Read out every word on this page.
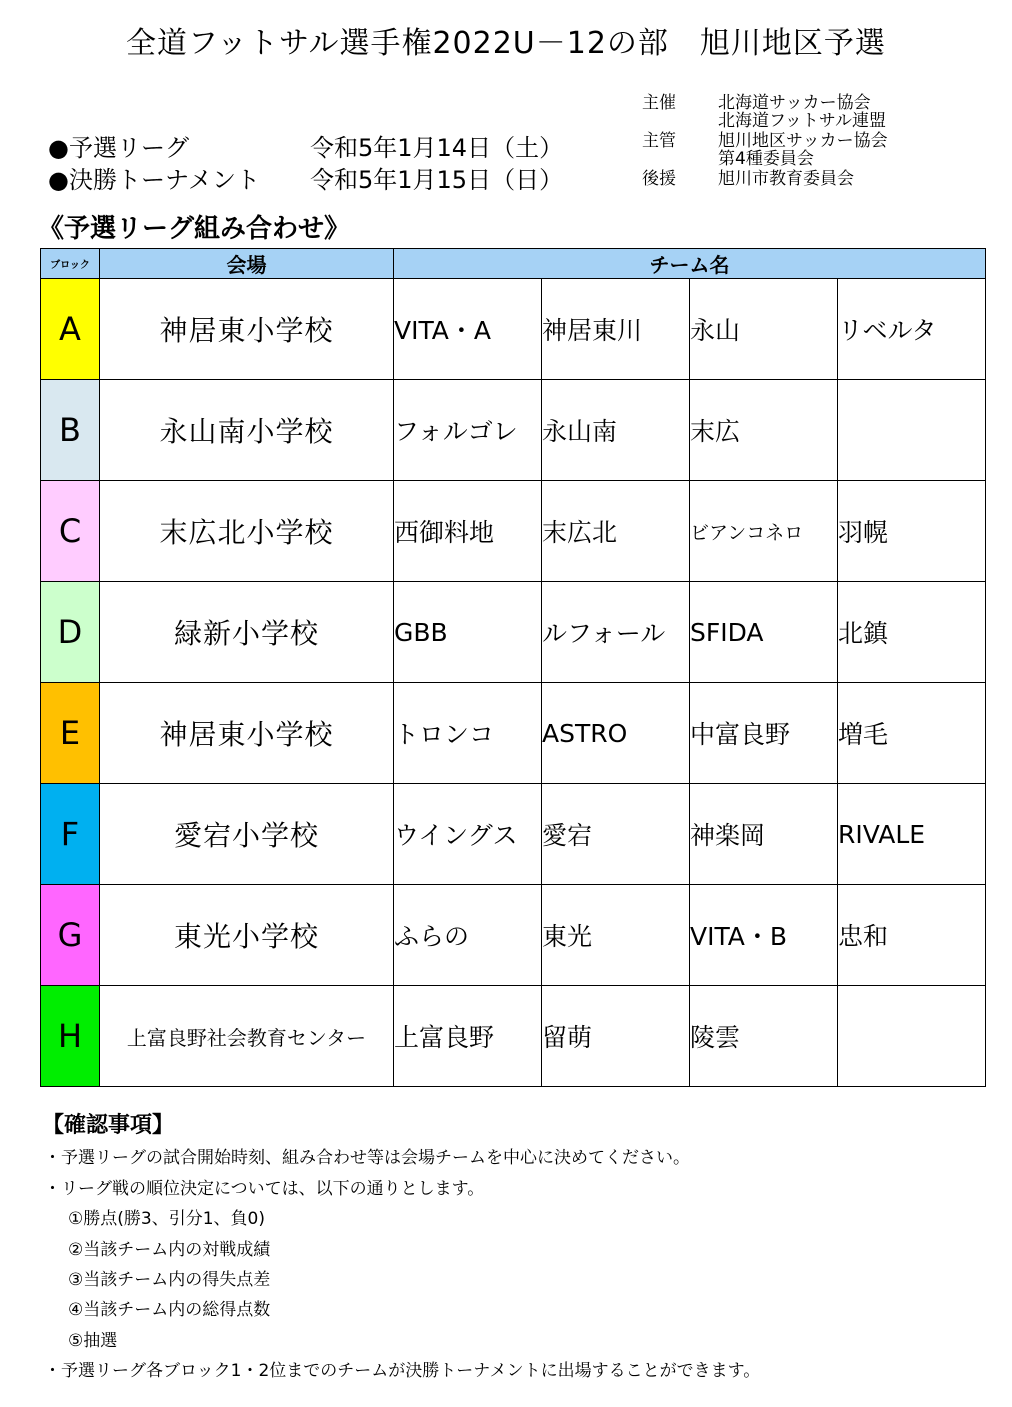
全道フットサル選手権2022U－12の部　旭川地区予選
●予選リーグ	令和5年1月14日（土）
●決勝トーナメント 令和5年1月15日（日）
主催	北海道サッカー協会
北海道フットサル連盟
主管	旭川地区サッカー協会
第4種委員会
後援	旭川市教育委員会
《予選リーグ組み合わせ》
ブロック	会場	チーム名			
A	神居東小学校	VITA・A	神居東川	永山	リベルタ
B	永山南小学校	フォルゴレ	永山南	末広	
C	末広北小学校	西御料地	末広北	ビアンコネロ	羽幌
D	緑新小学校	GBB	ルフォール	SFIDA	北鎮
E	神居東小学校	トロンコ	ASTRO	中富良野	増毛
F	愛宕小学校	ウイングス	愛宕	神楽岡	RIVALE
G	東光小学校	ふらの	東光	VITA・B	忠和
H	上富良野社会教育センター	上富良野	留萌	陵雲	
【確認事項】
・予選リーグの試合開始時刻、組み合わせ等は会場チームを中心に決めてください。
・リーグ戦の順位決定については、以下の通りとします。
①勝点(勝3、引分1、負0)
②当該チーム内の対戦成績
③当該チーム内の得失点差
④当該チーム内の総得点数
⑤抽選
・予選リーグ各ブロック1・2位までのチームが決勝トーナメントに出場することができます。
